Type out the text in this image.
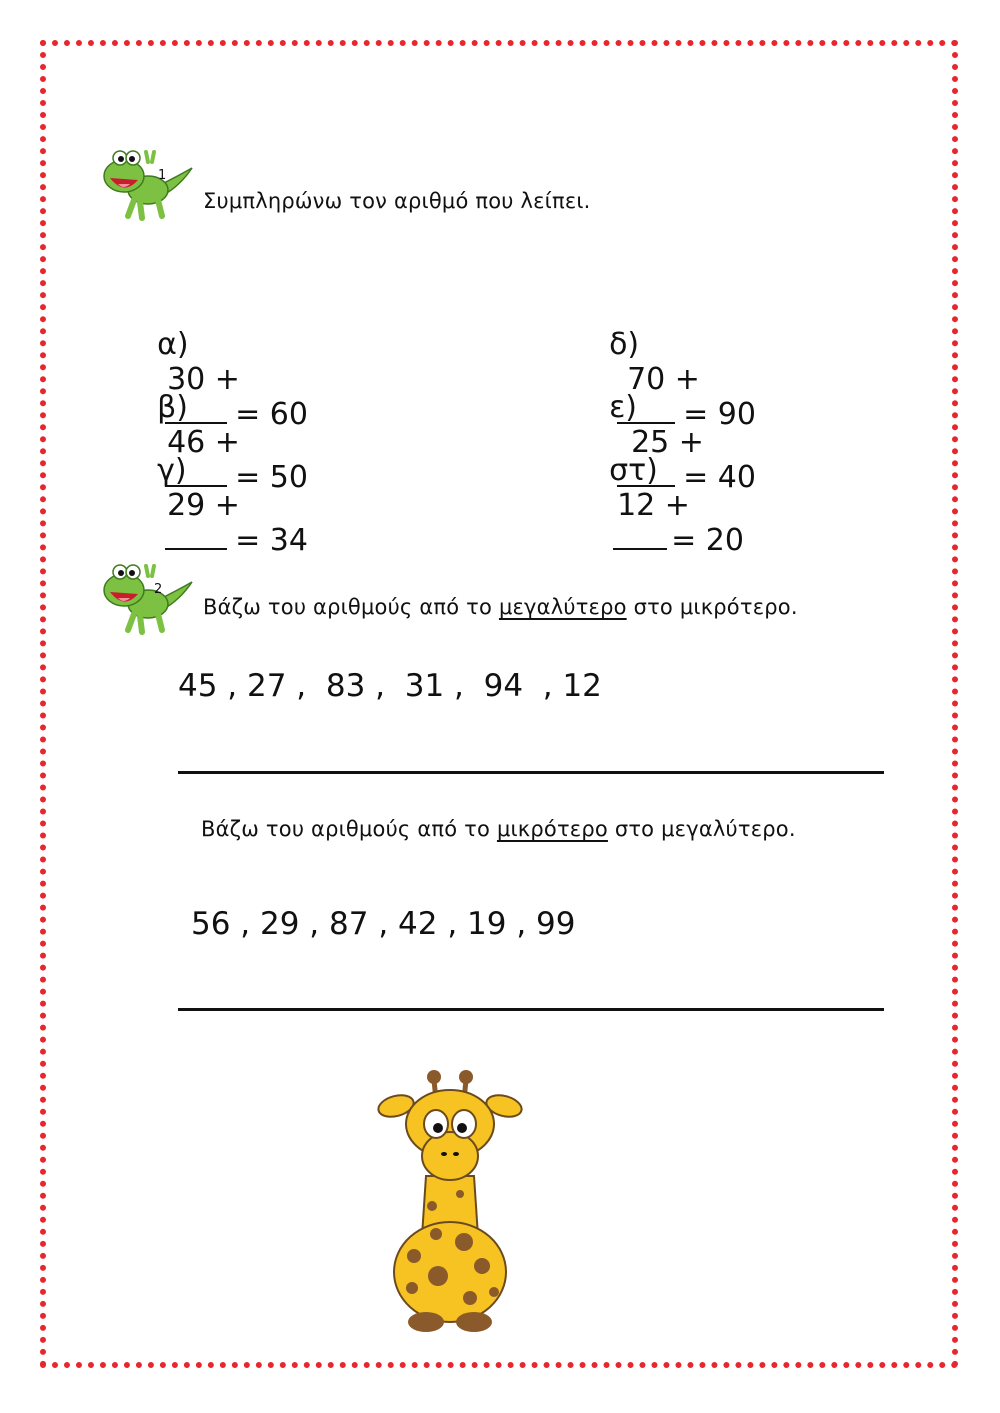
1
Συμπληρώνω τον αριθμό που λείπει.

α)
30 +
= 60

β)
46 +
= 50

γ)
29 +
= 34

δ)
70 +
= 90

ε)
25 +
= 40

στ)
12 +
= 20

2
Βάζω του αριθμούς από το μεγαλύτερο στο μικρότερο.
45 , 27 ,  83 ,  31 ,  94  , 12
Βάζω του αριθμούς από το μικρότερο στο μεγαλύτερο.
56 , 29 , 87 , 42 , 19 , 99
